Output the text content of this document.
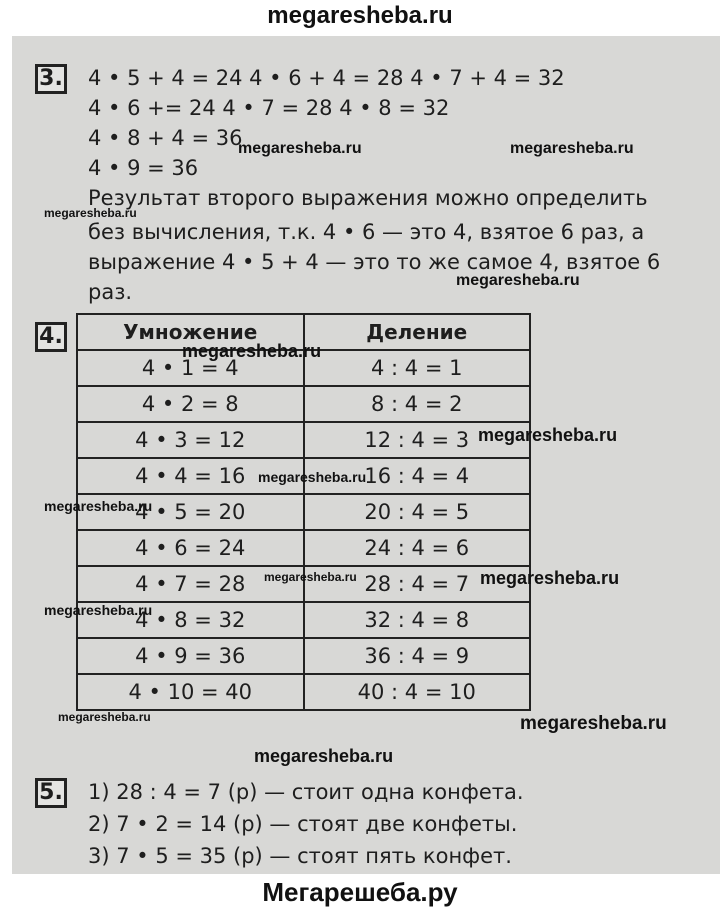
megaresheba.ru
3. 4 • 5 + 4 = 24 4 • 6 + 4 = 28 4 • 7 + 4 = 32
4 • 6 += 24 4 • 7 = 28 4 • 8 = 32
4 • 8 + 4 = 36
4 • 9 = 36
Результат второго выражения можно определить
без вычисления, т.к. 4 • 6 — это 4, взятое 6 раз, а
выражение 4 • 5 + 4 — это то же самое 4, взятое 6
раз.
4.	Умножение	Деление
4 • 1 = 4	4 : 4 = 1
4 • 2 = 8	8 : 4 = 2
4 • 3 = 12	12 : 4 = 3
4 • 4 = 16	16 : 4 = 4
4 • 5 = 20	20 : 4 = 5
4 • 6 = 24	24 : 4 = 6
4 • 7 = 28	28 : 4 = 7
4 • 8 = 32	32 : 4 = 8
4 • 9 = 36	36 : 4 = 9
4 • 10 = 40	40 : 4 = 10
5. 1) 28 : 4 = 7 (р) — стоит одна конфета.
2) 7 • 2 = 14 (р) — стоят две конфеты.
3) 7 • 5 = 35 (р) — стоят пять конфет.
megaresheba.ru	megaresheba.ru
megaresheba.ru
megaresheba.ru
megaresheba.ru
megaresheba.ru
megaresheba.ru
megaresheba.ru
megaresheba.ru	megaresheba.ru
megaresheba.ru
megaresheba.ru	megaresheba.ru
megaresheba.ru
Мегарешеба.ру
